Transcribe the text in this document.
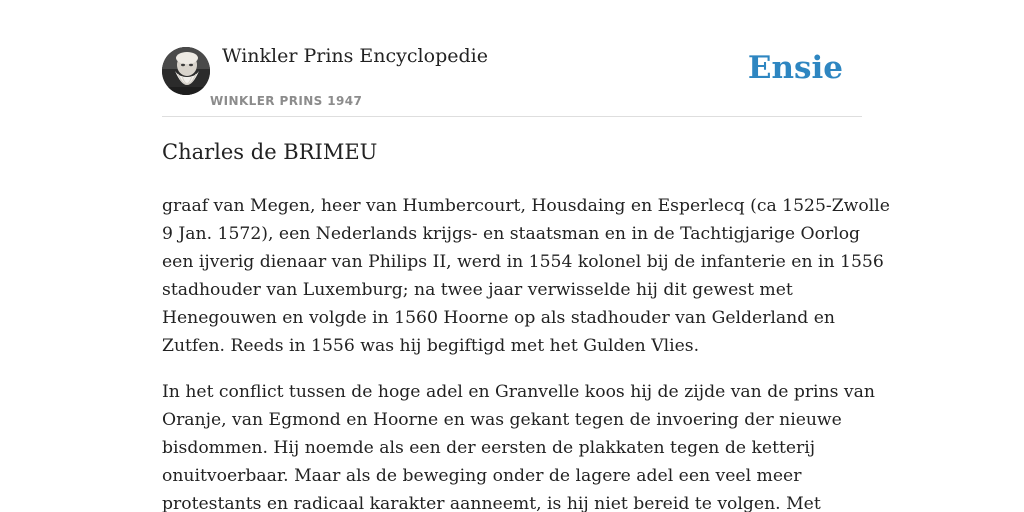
Winkler Prins Encyclopedie
WINKLER PRINS 1947
Ensie
Charles de BRIMEU

graaf van Megen, heer van Humbercourt, Housdaing en Esperlecq (ca 1525-Zwolle
9 Jan. 1572), een Nederlands krijgs- en staatsman en in de Tachtigjarige Oorlog
een ijverig dienaar van Philips II, werd in 1554 kolonel bij de infanterie en in 1556
stadhouder van Luxemburg; na twee jaar verwisselde hij dit gewest met
Henegouwen en volgde in 1560 Hoorne op als stadhouder van Gelderland en
Zutfen. Reeds in 1556 was hij begiftigd met het Gulden Vlies.

In het conflict tussen de hoge adel en Granvelle koos hij de zijde van de prins van
Oranje, van Egmond en Hoorne en was gekant tegen de invoering der nieuwe
bisdommen. Hij noemde als een der eersten de plakkaten tegen de ketterij
onuitvoerbaar. Maar als de beweging onder de lagere adel een veel meer
protestants en radicaal karakter aanneemt, is hij niet bereid te volgen. Met
